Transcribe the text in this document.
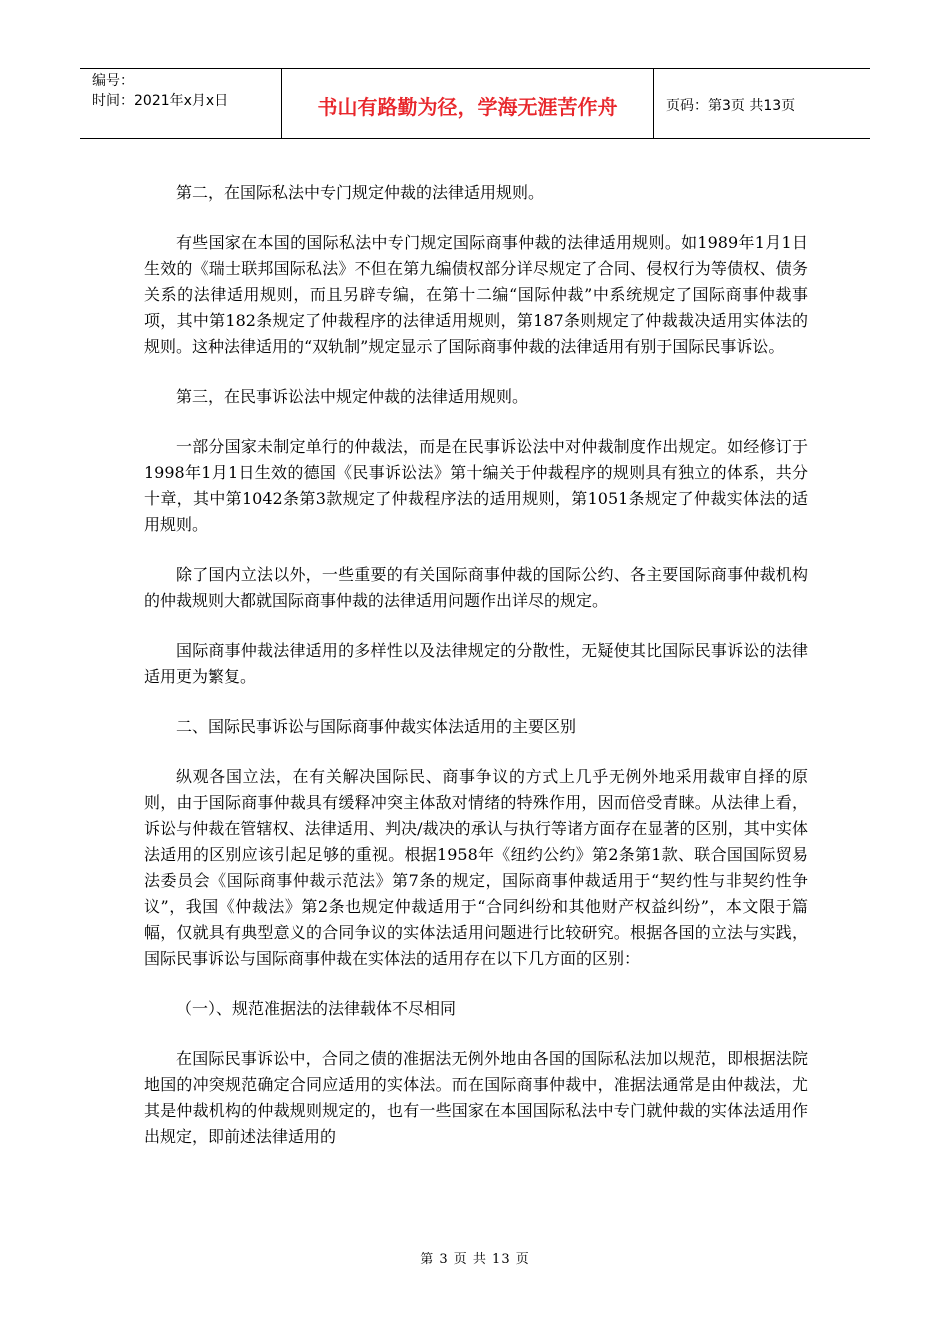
编号：
时间：2021年x月x日	书山有路勤为径，学海无涯苦作舟	页码：第3页 共13页

第二，在国际私法中专门规定仲裁的法律适用规则。

有些国家在本国的国际私法中专门规定国际商事仲裁的法律适用规则。如1989年1月1日生效的《瑞士联邦国际私法》不但在第九编债权部分详尽规定了合同、侵权行为等债权、债务关系的法律适用规则，而且另辟专编，在第十二编“国际仲裁”中系统规定了国际商事仲裁事项，其中第182条规定了仲裁程序的法律适用规则，第187条则规定了仲裁裁决适用实体法的规则。这种法律适用的“双轨制”规定显示了国际商事仲裁的法律适用有别于国际民事诉讼。

第三，在民事诉讼法中规定仲裁的法律适用规则。

一部分国家未制定单行的仲裁法，而是在民事诉讼法中对仲裁制度作出规定。如经修订于1998年1月1日生效的德国《民事诉讼法》第十编关于仲裁程序的规则具有独立的体系，共分十章，其中第1042条第3款规定了仲裁程序法的适用规则，第1051条规定了仲裁实体法的适用规则。

除了国内立法以外，一些重要的有关国际商事仲裁的国际公约、各主要国际商事仲裁机构的仲裁规则大都就国际商事仲裁的法律适用问题作出详尽的规定。

国际商事仲裁法律适用的多样性以及法律规定的分散性，无疑使其比国际民事诉讼的法律适用更为繁复。

二、国际民事诉讼与国际商事仲裁实体法适用的主要区别

纵观各国立法，在有关解决国际民、商事争议的方式上几乎无例外地采用裁审自择的原则，由于国际商事仲裁具有缓释冲突主体敌对情绪的特殊作用，因而倍受青睐。从法律上看，诉讼与仲裁在管辖权、法律适用、判决/裁决的承认与执行等诸方面存在显著的区别，其中实体法适用的区别应该引起足够的重视。根据1958年《纽约公约》第2条第1款、联合国国际贸易法委员会《国际商事仲裁示范法》第7条的规定，国际商事仲裁适用于“契约性与非契约性争议”，我国《仲裁法》第2条也规定仲裁适用于“合同纠纷和其他财产权益纠纷”，本文限于篇幅，仅就具有典型意义的合同争议的实体法适用问题进行比较研究。根据各国的立法与实践，国际民事诉讼与国际商事仲裁在实体法的适用存在以下几方面的区别：

（一）、规范准据法的法律载体不尽相同

在国际民事诉讼中，合同之债的准据法无例外地由各国的国际私法加以规范，即根据法院地国的冲突规范确定合同应适用的实体法。而在国际商事仲裁中，准据法通常是由仲裁法，尤其是仲裁机构的仲裁规则规定的，也有一些国家在本国国际私法中专门就仲裁的实体法适用作出规定，即前述法律适用的

第 3 页 共 13 页
